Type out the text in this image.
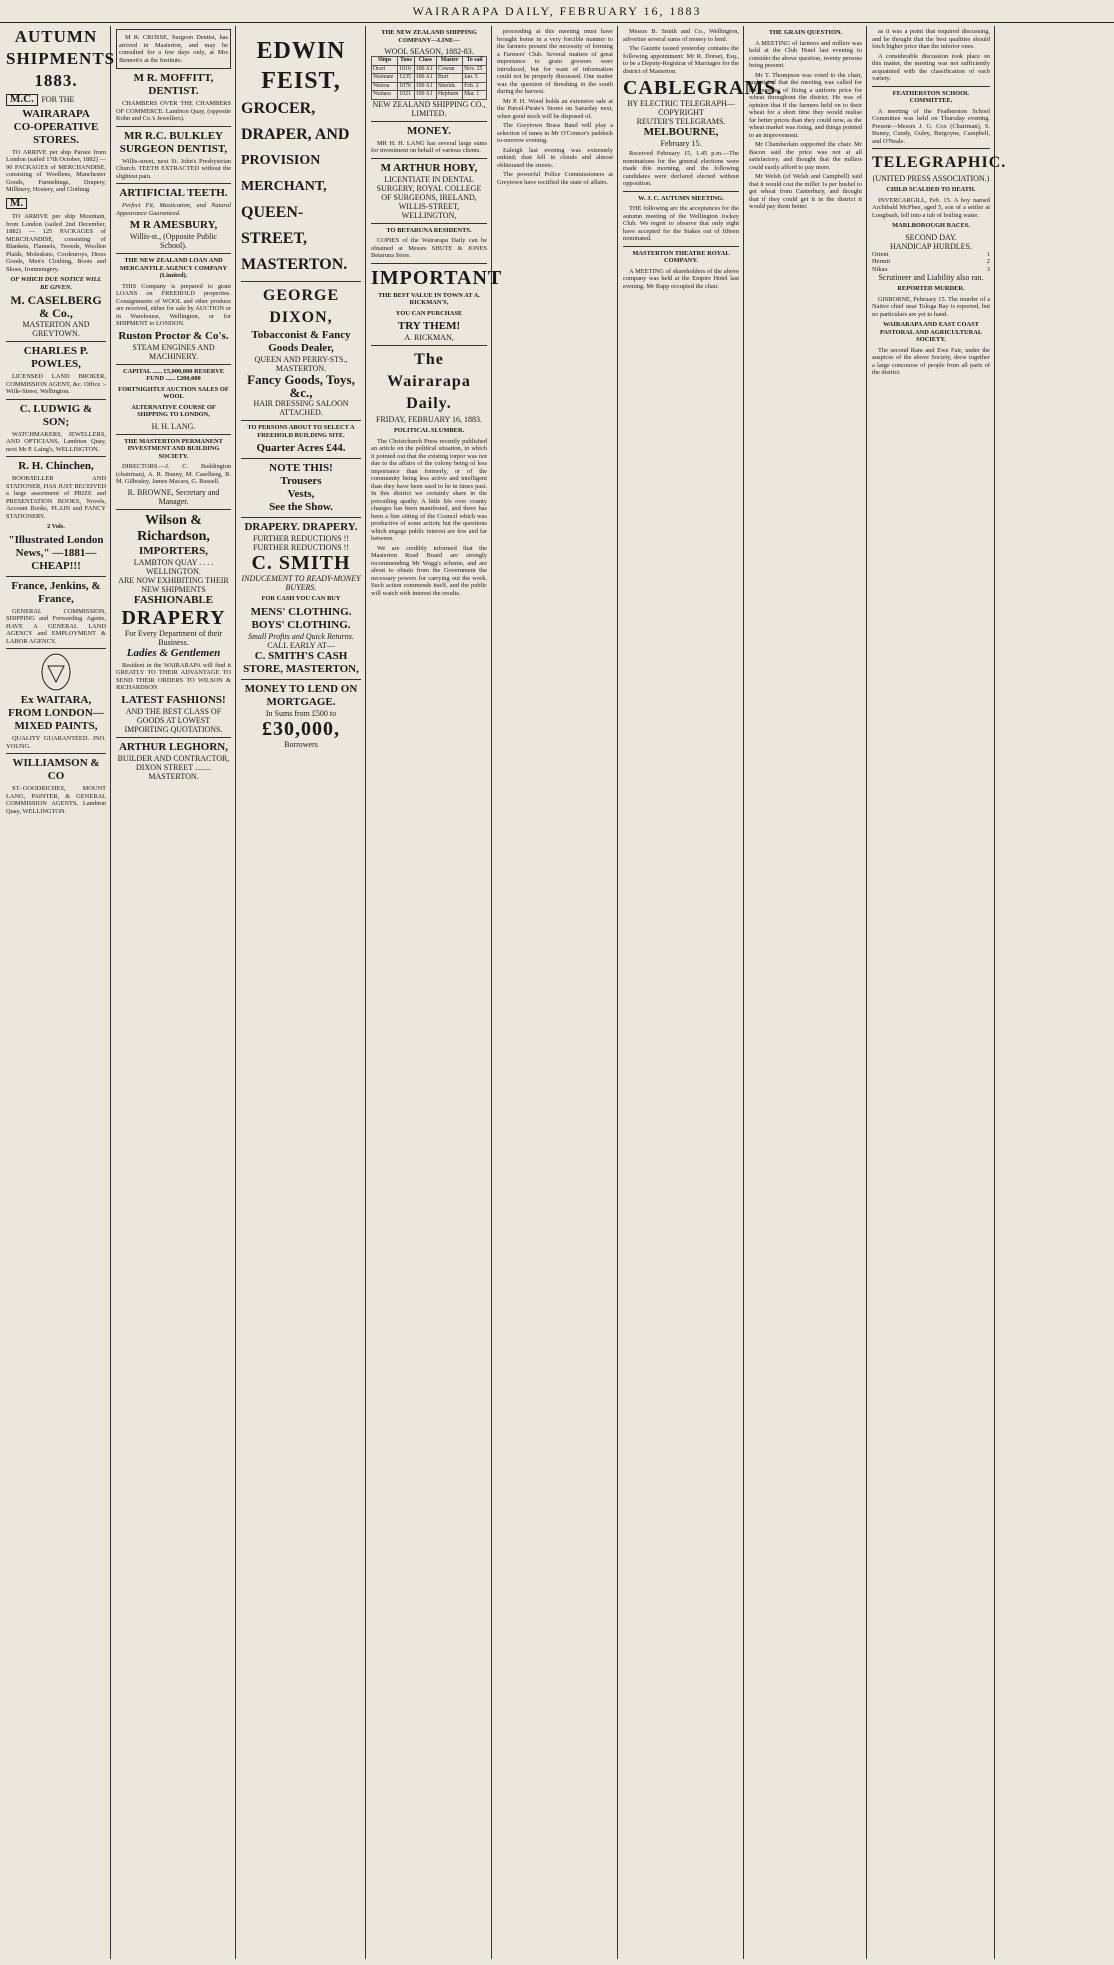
WAIRARAPA DAILY, FEBRUARY 16, 1883
AUTUMN SHIPMENTS 1883.
M.C. FOR THE
WAIRARAPA
CO-OPERATIVE STORES.
TO ARRIVE per ship Parsee from London (sailed 17th October, 1882) — 90 PACKAGES of MERCHANDISE, consisting of Woollens, Manchester Goods, Furnishings, Drapery, Millinery, Hosiery, and Clothing.
M.
TO ARRIVE per ship Mountain, from London (sailed 2nd December, 1882) — 125 PACKAGES of MERCHANDISE, consisting of Blankets, Flannels, Tweeds, Woollen Plaids, Moleskins, Cordeuroys, Dress Goods, Men's Clothing, Boots and Shoes, Ironmongery.
OF WHICH DUE NOTICE WILL BE GIVEN.
M. CASELBERG & Co.,
MASTERTON AND GREYTOWN.
CHARLES P. POWLES,
LICENSED LAND BROKER, COMMISSION AGENT, &c. Office :- Wille-Street, Wellington.
C. LUDWIG & SON;
WATCHMAKERS, JEWELLERS, AND OPTICIANS, Lambton Quay, next Mr P. Laing's, WELLINGTON.
R. H. Chinchen,
BOOKSELLER AND STATIONER, HAS JUST RECEIVED a large assortment of PRIZE and PRESENTATION BOOKS, Novels, Account Books, PLAIN and FANCY STATIONERY.
2 Vols.
"Illustrated London News," —1881— CHEAP!!!
France, Jenkins, & France,
GENERAL COMMISSION, SHIPPING and Forwarding Agents, HAVE A GENERAL LAND AGENCY and EMPLOYMENT & LABOR AGENCY.
Ex WAITARA, FROM LONDON—MIXED PAINTS,
QUALITY GUARANTEED. JNO. YOUNG.
WILLIAMSON & CO
ST.-GOODRICHES, MOUNT LANG, PAINTER, & GENERAL COMMISSION AGENTS, Lambton Quay, WELLINGTON.
M R. CROSSE, Surgeon Dentist, has arrived in Masterton, and may be consulted for a few days only, at Mrs Bennett's at the Institute.
M R. MOFFITT, DENTIST.
CHAMBERS OVER THE CHAMBERS OF COMMERCE. Lambton Quay, (opposite Kohn and Co.'s Jewellers).
MR R.C. BULKLEY SURGEON DENTIST,
Willis-street, next St. John's Presbyterian Church. TEETH EXTRACTED without the slightest pain.
ARTIFICIAL TEETH.
Perfect Fit, Mastication, and Natural Appearance Guaranteed.
M R AMESBURY,
Willis-st., (Opposite Public School).
THE NEW ZEALAND LOAN AND MERCANTILE AGENCY COMPANY (Limited).
THIS Company is prepared to grant LOANS on FREEHOLD properties. Consignments of WOOL and other produce are received, either for sale by AUCTION or in Warehouse, Wellington, or for SHIPMENT to LONDON.
Ruston Proctor & Co's.
STEAM ENGINES AND MACHINERY.
CAPITAL ...... £5,000,000 RESERVE FUND ...... £200,000
FORTNIGHTLY AUCTION SALES OF WOOL
ALTERNATIVE COURSE OF SHIPPING TO LONDON,
H. H. LANG.
THE MASTERTON PERMANENT INVESTMENT AND BUILDING SOCIETY.
DIRECTORS.—J. C. Boddington (chairman), A. R. Bunny, M. Caselberg, R. M. Gilbraley, James Macara, G. Russell.
R. BROWNE, Secretary and Manager.
Wilson & Richardson,
IMPORTERS,
LAMBTON QUAY . . . . WELLINGTON.
ARE NOW EXHIBITING THEIR NEW SHIPMENTS
FASHIONABLE
DRAPERY
For Every Department of their Business.
Ladies & Gentlemen
Resident in the WAIRARAPA will find it GREATLY TO THEIR ADVANTAGE TO SEND THEIR ORDERS TO WILSON & RICHARDSON
LATEST FASHIONS!
AND THE BEST CLASS OF GOODS AT LOWEST IMPORTING QUOTATIONS.
ARTHUR LEGHORN,
BUILDER AND CONTRACTOR, DIXON STREET ........ MASTERTON.
EDWIN FEIST,
GROCER,
DRAPER, AND
PROVISION MERCHANT,
QUEEN-STREET,
MASTERTON.
GEORGE DIXON,
Tobacconist & Fancy Goods Dealer,
QUEEN AND PERRY-STS., MASTERTON.
Fancy Goods, Toys, &c.,
HAIR DRESSING SALOON ATTACHED.
TO PERSONS ABOUT TO SELECT A FREEHOLD BUILDING SITE.
Quarter Acres £44.
NOTE THIS!
Trousers
Vests,
See the Show.
DRAPERY. DRAPERY.
FURTHER REDUCTIONS !! FURTHER REDUCTIONS !!
C. SMITH
INDUCEMENT TO READY-MONEY BUYERS.
FOR CASH YOU CAN BUY
MENS' CLOTHING.
BOYS' CLOTHING.
Small Profits and Quick Returns.
CALL EARLY AT—
C. SMITH'S CASH STORE, MASTERTON,
MONEY TO LEND ON MORTGAGE.
In Sums from £500 to
£30,000,
Borrowers
THE NEW ZEALAND SHIPPING COMPANY—LINE—
WOOL SEASON, 1882-83.
Ships	Tons	Class	Master	To sail
Orari	1016	100 A1	Cowan	Nov. 25
Waimate	1235	100 A1	Burt	Jan. 5
Wairoa	1076	100 A1	Shields	Feb. 2
Waitara	1021	100 A1	Hepburn	Mar. 1
NEW ZEALAND SHIPPING CO., LIMITED.
MONEY.
MR H. H. LANG has several large sums for investment on behalf of various clients.
M ARTHUR HOBY,
LICENTIATE IN DENTAL SURGERY, ROYAL COLLEGE OF SURGEONS, IRELAND,
WILLIS-STREET, WELLINGTON,
TO BETARUNA RESIDENTS.
COPIES of the Wairarapa Daily can be obtained at Messrs SHUTE & JONES Betaruna Store.
IMPORTANT
THE BEST VALUE IN TOWN AT A. RICKMAN'S,
YOU CAN PURCHASE
TRY THEM!
A. RICKMAN,
The Wairarapa Daily.
FRIDAY, FEBRUARY 16, 1883.
POLITICAL SLUMBER.
The Christchurch Press recently published an article on the political situation, in which it pointed out that the existing torpor was not due to the affairs of the colony being of less importance than formerly, or of the community being less active and intelligent than they have been used to be in times past. In this district we certainly share in the prevailing apathy. A little life over county changes has been manifested, and there has been a fine sitting of the Council which was productive of some action; but the questions which engage public interest are few and far between.
We are credibly informed that the Masterton Road Board are strongly recommending Mr Wagg's scheme, and are about to obtain from the Government the necessary powers for carrying out the work. Such action commends itself, and the public will watch with interest the results.
proceeding at this meeting must have brought home in a very forcible manner to the farmers present the necessity of forming a Farmers' Club. Several matters of great importance to grain growers were introduced, but for want of information could not be properly discussed. One matter was the question of threshing in the south during the harvest.
Mr P. H. Wood holds an extensive sale at the Parcel-Pirate's Stores on Saturday next, when good stock will be disposed of.
The Greytown Brass Band will play a selection of tunes in Mr O'Connor's paddock to-morrow evening.
Ealeigh last evening was extremely unkind; dust fell in clouds and almost obliterated the streets.
The powerful Police Commissioners at Greytown have rectified the state of affairs.
Messrs B. Smith and Co., Wellington, advertise several sums of money to lend.
The Gazette issued yesterday contains the following appointment: Mr R. Dorset, Esq., to be a Deputy-Registrar of Marriages for the district of Masterton.
CABLEGRAMS.
BY ELECTRIC TELEGRAPH—COPYRIGHT
REUTER'S TELEGRAMS.
MELBOURNE,
February 15.
Received February 15, 1.45 p.m.—The nominations for the general elections were made this morning, and the following candidates were declared elected without opposition.
W. J. C. AUTUMN MEETING.
THE following are the acceptances for the autumn meeting of the Wellington Jockey Club. We regret to observe that only eight have accepted for the Stakes out of fifteen nominated.
MASTERTON THEATRE ROYAL COMPANY.
A MEETING of shareholders of the above company was held at the Empire Hotel last evening. Mr Rapp occupied the chair.
THE GRAIN QUESTION.
A MEETING of farmers and millers was held at the Club Hotel last evening to consider the above question, twenty persons being present.
Mr T. Thompson was voted to the chair, and stated that the meeting was called for the purpose of fixing a uniform price for wheat throughout the district. He was of opinion that if the farmers held on to their wheat for a short time they would realise far better prices than they could now, as the wheat market was rising, and things pointed to an improvement.
Mr Chamberlain supported the chair. Mr Bacon said the price was not at all satisfactory, and thought that the millers could easily afford to pay more.
Mr Welsh (of Welsh and Campbell) said that it would cost the miller 1s per bushel to get wheat from Canterbury, and thought that if they could get it in the district it would pay them better.
as it was a point that required discussing, and he thought that the best qualities should fetch higher price than the inferior ones.
A considerable discussion took place on this matter, the meeting was not sufficiently acquainted with the classification of each variety.
FEATHERSTON SCHOOL COMMITTEE.
A meeting of the Featherston School Committee was held on Thursday evening. Present—Messrs J. G. Cox (Chairman), S. Bunny, Cundy, Guley, Burgoyne, Campbell, and O'Neale.
TELEGRAPHIC.
(UNITED PRESS ASSOCIATION.)
CHILD SCALDED TO DEATH.
INVERCARGILL, Feb. 15. A boy named Archibald McPhee, aged 5, son of a settler at Longbush, fell into a tub of boiling water.
MARLBOROUGH RACES.
SECOND DAY.
HANDICAP HURDLES.
Orient	1
Hermit	2
Nikau	3
Scrutineer and Liability also ran.
REPORTED MURDER.
GISBORNE, February 15. The murder of a Native chief near Tologa Bay is reported, but no particulars are yet to hand.
WAIRARAPA AND EAST COAST PASTORAL AND AGRICULTURAL SOCIETY.
The second Ram and Ewe Fair, under the auspices of the above Society, drew together a large concourse of people from all parts of the district.
